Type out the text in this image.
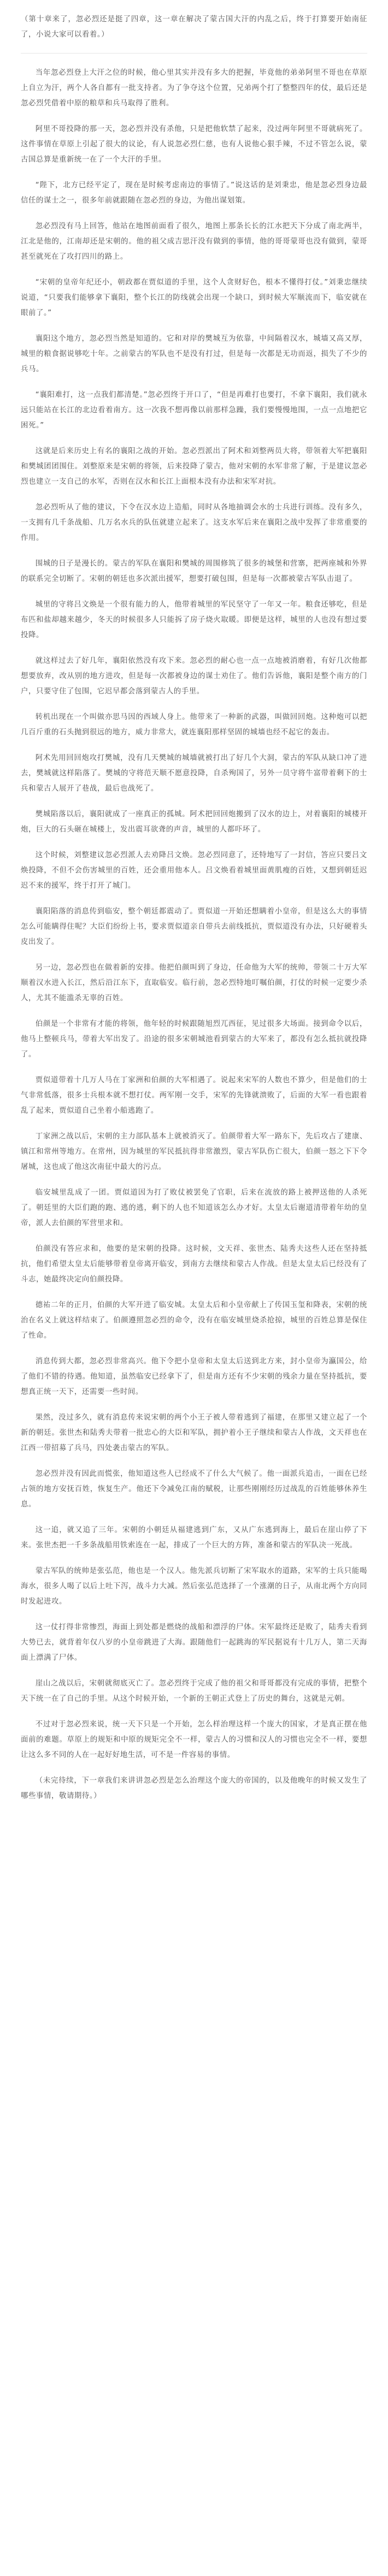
（第十章来了，忽必烈还是挺了四章，这一章在解决了蒙古国大汗的内乱之后，终于打算要开始南征了，小说大家可以看着。）

当年忽必烈登上大汗之位的时候，他心里其实并没有多大的把握，毕竟他的弟弟阿里不哥也在草原上自立为汗，两个人各自都有一批支持者。为了争夺这个位置，兄弟两个打了整整四年的仗，最后还是忽必烈凭借着中原的粮草和兵马取得了胜利。

阿里不哥投降的那一天，忽必烈并没有杀他，只是把他软禁了起来，没过两年阿里不哥就病死了。这件事情在草原上引起了很大的议论，有人说忽必烈仁慈，也有人说他心狠手辣，不过不管怎么说，蒙古国总算是重新统一在了一个大汗的手里。

“陛下，北方已经平定了，现在是时候考虑南边的事情了。”说这话的是刘秉忠，他是忽必烈身边最信任的谋士之一，很多年前就跟随在忽必烈的身边，为他出谋划策。

忽必烈没有马上回答，他站在地图前面看了很久，地图上那条长长的江水把天下分成了南北两半，江北是他的，江南却还是宋朝的。他的祖父成吉思汗没有做到的事情，他的哥哥蒙哥也没有做到，蒙哥甚至就死在了攻打四川的路上。

“宋朝的皇帝年纪还小，朝政都在贾似道的手里，这个人贪财好色，根本不懂得打仗。”刘秉忠继续说道，“只要我们能够拿下襄阳，整个长江的防线就会出现一个缺口，到时候大军顺流而下，临安就在眼前了。”

襄阳这个地方，忽必烈当然是知道的。它和对岸的樊城互为依靠，中间隔着汉水，城墙又高又厚，城里的粮食据说够吃十年。之前蒙古的军队也不是没有打过，但是每一次都是无功而返，损失了不少的兵马。

“襄阳难打，这一点我们都清楚。”忽必烈终于开口了，“但是再难打也要打，不拿下襄阳，我们就永远只能站在长江的北边看着南方。这一次我不想再像以前那样急躁，我们要慢慢地围，一点一点地把它困死。”

这就是后来历史上有名的襄阳之战的开始。忽必烈派出了阿术和刘整两员大将，带领着大军把襄阳和樊城团团围住。刘整原来是宋朝的将领，后来投降了蒙古，他对宋朝的水军非常了解，于是建议忽必烈也建立一支自己的水军，否则在汉水和长江上面根本没有办法和宋军对抗。

忽必烈听从了他的建议，下令在汉水边上造船，同时从各地抽调会水的士兵进行训练。没有多久，一支拥有几千条战船、几万名水兵的队伍就建立起来了。这支水军后来在襄阳之战中发挥了非常重要的作用。

围城的日子是漫长的。蒙古的军队在襄阳和樊城的周围修筑了很多的城堡和营寨，把两座城和外界的联系完全切断了。宋朝的朝廷也多次派出援军，想要打破包围，但是每一次都被蒙古军队击退了。

城里的守将吕文焕是一个很有能力的人，他带着城里的军民坚守了一年又一年。粮食还够吃，但是布匹和盐却越来越少，冬天的时候很多人只能拆了房子烧火取暖。即便是这样，城里的人也没有想过要投降。

就这样过去了好几年，襄阳依然没有攻下来。忽必烈的耐心也一点一点地被消磨着，有好几次他都想要放弃，改从别的地方进攻，但是每一次都被身边的谋士劝住了。他们告诉他，襄阳是整个南方的门户，只要守住了包围，它迟早都会落到蒙古人的手里。

转机出现在一个叫做亦思马因的西域人身上。他带来了一种新的武器，叫做回回炮。这种炮可以把几百斤重的石头抛到很远的地方，威力非常大，就连襄阳那样坚固的城墙也经不起它的轰击。

阿术先用回回炮攻打樊城，没有几天樊城的城墙就被打出了好几个大洞，蒙古的军队从缺口冲了进去，樊城就这样陷落了。樊城的守将范天顺不愿意投降，自杀殉国了，另外一员守将牛富带着剩下的士兵和蒙古人展开了巷战，最后也战死了。

樊城陷落以后，襄阳就成了一座真正的孤城。阿术把回回炮搬到了汉水的边上，对着襄阳的城楼开炮，巨大的石头砸在城楼上，发出震耳欲聋的声音，城里的人都吓坏了。

这个时候，刘整建议忽必烈派人去劝降吕文焕。忽必烈同意了，还特地写了一封信，答应只要吕文焕投降，不但不会伤害城里的百姓，还会重用他本人。吕文焕看着城里面黄肌瘦的百姓，又想到朝廷迟迟不来的援军，终于打开了城门。

襄阳陷落的消息传到临安，整个朝廷都震动了。贾似道一开始还想瞒着小皇帝，但是这么大的事情怎么可能瞒得住呢？大臣们纷纷上书，要求贾似道亲自带兵去前线抵抗，贾似道没有办法，只好硬着头皮出发了。

另一边，忽必烈也在做着新的安排。他把伯颜叫到了身边，任命他为大军的统帅，带领二十万大军顺着汉水进入长江，然后沿江东下，直取临安。临行前，忽必烈特地叮嘱伯颜，打仗的时候一定要少杀人，尤其不能滥杀无辜的百姓。

伯颜是一个非常有才能的将领，他年轻的时候跟随旭烈兀西征，见过很多大场面。接到命令以后，他马上整顿兵马，带着大军出发了。沿途的很多宋朝城池看到蒙古的大军来了，都没有怎么抵抗就投降了。

贾似道带着十几万人马在丁家洲和伯颜的大军相遇了。说起来宋军的人数也不算少，但是他们的士气非常低落，很多士兵根本就不想打仗。两军刚一交手，宋军的先锋就溃败了，后面的大军一看也跟着乱了起来，贾似道自己坐着小船逃跑了。

丁家洲之战以后，宋朝的主力部队基本上就被消灭了。伯颜带着大军一路东下，先后攻占了建康、镇江和常州等地方。在常州，因为城里的军民抵抗得非常激烈，蒙古军队伤亡很大，伯颜一怒之下下令屠城，这也成了他这次南征中最大的污点。

临安城里乱成了一团。贾似道因为打了败仗被罢免了官职，后来在流放的路上被押送他的人杀死了。朝廷里的大臣们跑的跑、逃的逃，剩下的人也不知道该怎么办才好。太皇太后谢道清带着年幼的皇帝，派人去伯颜的军营里求和。

伯颜没有答应求和，他要的是宋朝的投降。这时候，文天祥、张世杰、陆秀夫这些人还在坚持抵抗，他们希望太皇太后能够带着皇帝离开临安，到南方去继续和蒙古人作战。但是太皇太后已经没有了斗志，她最终决定向伯颜投降。

德祐二年的正月，伯颜的大军开进了临安城。太皇太后和小皇帝献上了传国玉玺和降表，宋朝的统治在名义上就这样结束了。伯颜遵照忽必烈的命令，没有在临安城里烧杀抢掠，城里的百姓总算是保住了性命。

消息传到大都，忽必烈非常高兴。他下令把小皇帝和太皇太后送到北方来，封小皇帝为瀛国公，给了他们不错的待遇。他知道，虽然临安已经拿下了，但是南方还有不少宋朝的残余力量在坚持抵抗，要想真正统一天下，还需要一些时间。

果然，没过多久，就有消息传来说宋朝的两个小王子被人带着逃到了福建，在那里又建立起了一个新的朝廷。张世杰和陆秀夫带着一批忠心的大臣和军队，拥护着小王子继续和蒙古人作战，文天祥也在江西一带招募了兵马，四处袭击蒙古的军队。

忽必烈并没有因此而慌张，他知道这些人已经成不了什么大气候了。他一面派兵追击，一面在已经占领的地方安抚百姓，恢复生产。他还下令减免江南的赋税，让那些刚刚经历过战乱的百姓能够休养生息。

这一追，就又追了三年。宋朝的小朝廷从福建逃到广东，又从广东逃到海上，最后在崖山停了下来。张世杰把一千多条战船用铁索连在一起，排成了一个巨大的方阵，准备和蒙古的军队决一死战。

蒙古军队的统帅是张弘范，他也是一个汉人。他先派兵切断了宋军取水的道路，宋军的士兵只能喝海水，很多人喝了以后上吐下泻，战斗力大减。然后张弘范选择了一个涨潮的日子，从南北两个方向同时发起进攻。

这一仗打得非常惨烈，海面上到处都是燃烧的战船和漂浮的尸体。宋军最终还是败了，陆秀夫看到大势已去，就背着年仅八岁的小皇帝跳进了大海。跟随他们一起跳海的军民据说有十几万人，第二天海面上漂满了尸体。

崖山之战以后，宋朝就彻底灭亡了。忽必烈终于完成了他的祖父和哥哥都没有完成的事情，把整个天下统一在了自己的手里。从这个时候开始，一个新的王朝正式登上了历史的舞台，这就是元朝。

不过对于忽必烈来说，统一天下只是一个开始，怎么样治理这样一个庞大的国家，才是真正摆在他面前的难题。草原上的规矩和中原的规矩完全不一样，蒙古人的习惯和汉人的习惯也完全不一样，要想让这么多不同的人在一起好好地生活，可不是一件容易的事情。

（未完待续，下一章我们来讲讲忽必烈是怎么治理这个庞大的帝国的，以及他晚年的时候又发生了哪些事情，敬请期待。）
